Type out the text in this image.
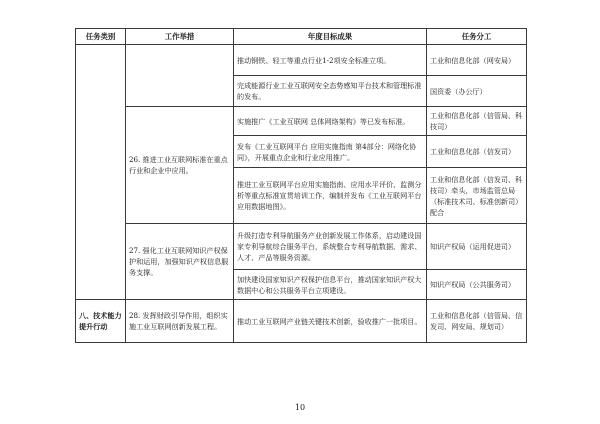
任务类别	工作举措	年度目标成果	任务分工
		推动钢铁、轻工等重点行业1-2项安全标准立项。	工业和信息化部（网安局）
		完成能源行业工业互联网安全态势感知平台技术和管理标准的发布。	国资委（办公厅）
	26. 推进工业互联网标准在重点行业和企业中应用。	实施推广《工业互联网 总体网络架构》等已发布标准。	工业和信息化部（信管局、科技司）
		发布《工业互联网平台 应用实施指南 第4部分：网络化协同》，开展重点企业和行业应用推广。	工业和信息化部（信发司）
		推进工业互联网平台应用实施指南、应用水平评价、监测分析等重点标准宣贯培训工作，编制并发布《工业互联网平台应用数据地图》。	工业和信息化部（信发司、科技司）牵头，市场监管总局（标准技术司、标准创新司）配合
	27. 强化工业互联网知识产权保护和运用，加强知识产权信息服务支撑。	升级打造专利导航服务产业创新发展工作体系，启动建设国家专利导航综合服务平台，系统整合专利导航数据、需求、人才、产品等服务资源。	知识产权局（运用促进司）
		加快建设国家知识产权保护信息平台，推动国家知识产权大数据中心和公共服务平台立项建设。	知识产权局（公共服务司）
八、技术能力提升行动	28. 发挥财政引导作用，组织实施工业互联网创新发展工程。	推动工业互联网产业链关键技术创新，验收推广一批项目。	工业和信息化部（信管局、信发司、网安局、规划司）
10
